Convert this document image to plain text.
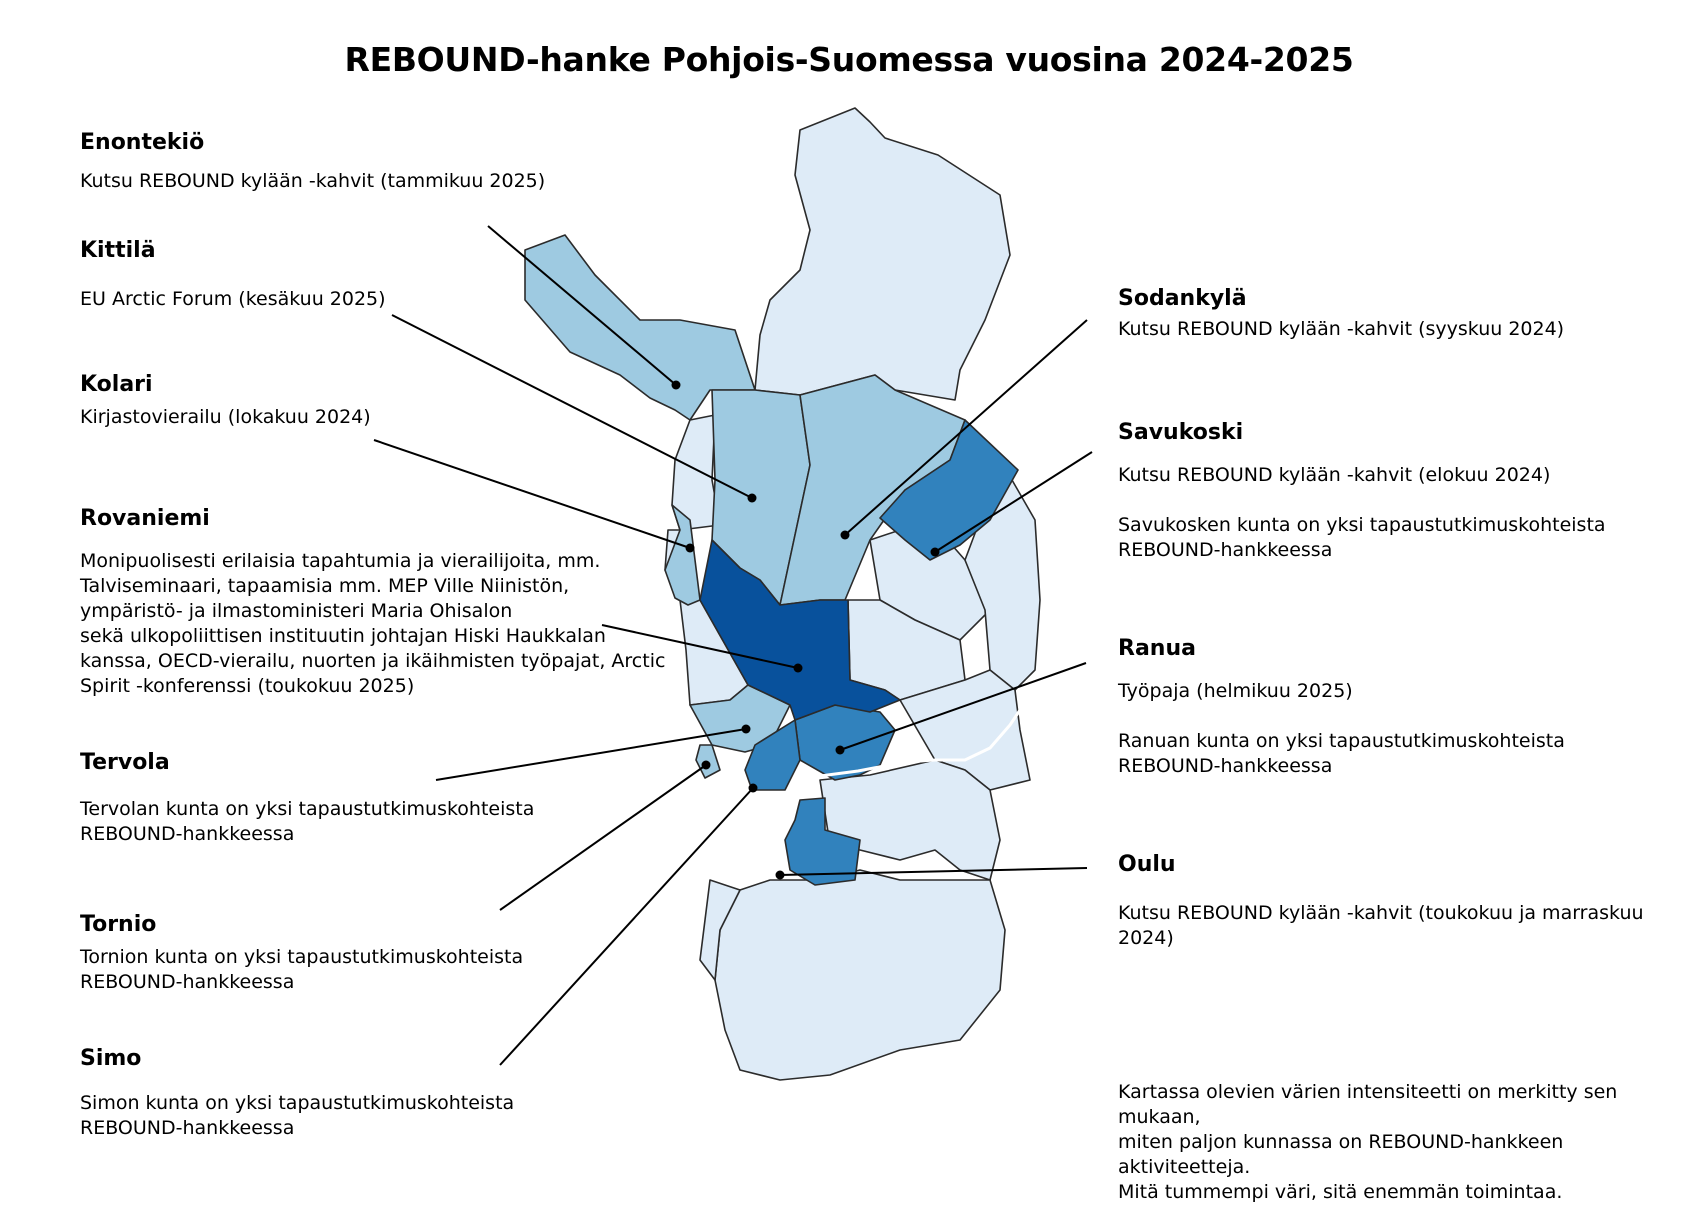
REBOUND-hanke Pohjois-Suomessa vuosina 2024-2025
Enontekiö

Kutsu REBOUND kylään -kahvit (tammikuu 2025)

Kittilä

EU Arctic Forum (kesäkuu 2025)

Kolari

Kirjastovierailu (lokakuu 2024)

Rovaniemi

Monipuolisesti erilaisia tapahtumia ja vierailijoita, mm.

Talviseminaari, tapaamisia mm. MEP Ville Niinistön,

ympäristö- ja ilmastoministeri Maria Ohisalon

sekä ulkopoliittisen instituutin johtajan Hiski Haukkalan

kanssa, OECD-vierailu, nuorten ja ikäihmisten työpajat, Arctic

Spirit -konferenssi (toukokuu 2025)

Tervola

Tervolan kunta on yksi tapaustutkimuskohteista

REBOUND-hankkeessa

Tornio

Tornion kunta on yksi tapaustutkimuskohteista

REBOUND-hankkeessa

Simo

Simon kunta on yksi tapaustutkimuskohteista

REBOUND-hankkeessa

Sodankylä

Kutsu REBOUND kylään -kahvit (syyskuu 2024)

Savukoski

Kutsu REBOUND kylään -kahvit (elokuu 2024)

Savukosken kunta on yksi tapaustutkimuskohteista

REBOUND-hankkeessa

Ranua

Työpaja (helmikuu 2025)

Ranuan kunta on yksi tapaustutkimuskohteista

REBOUND-hankkeessa

Oulu

Kutsu REBOUND kylään -kahvit (toukokuu ja marraskuu 2024)

Kartassa olevien värien intensiteetti on merkitty sen mukaan,

miten paljon kunnassa on REBOUND-hankkeen aktiviteetteja.

Mitä tummempi väri, sitä enemmän toimintaa.
